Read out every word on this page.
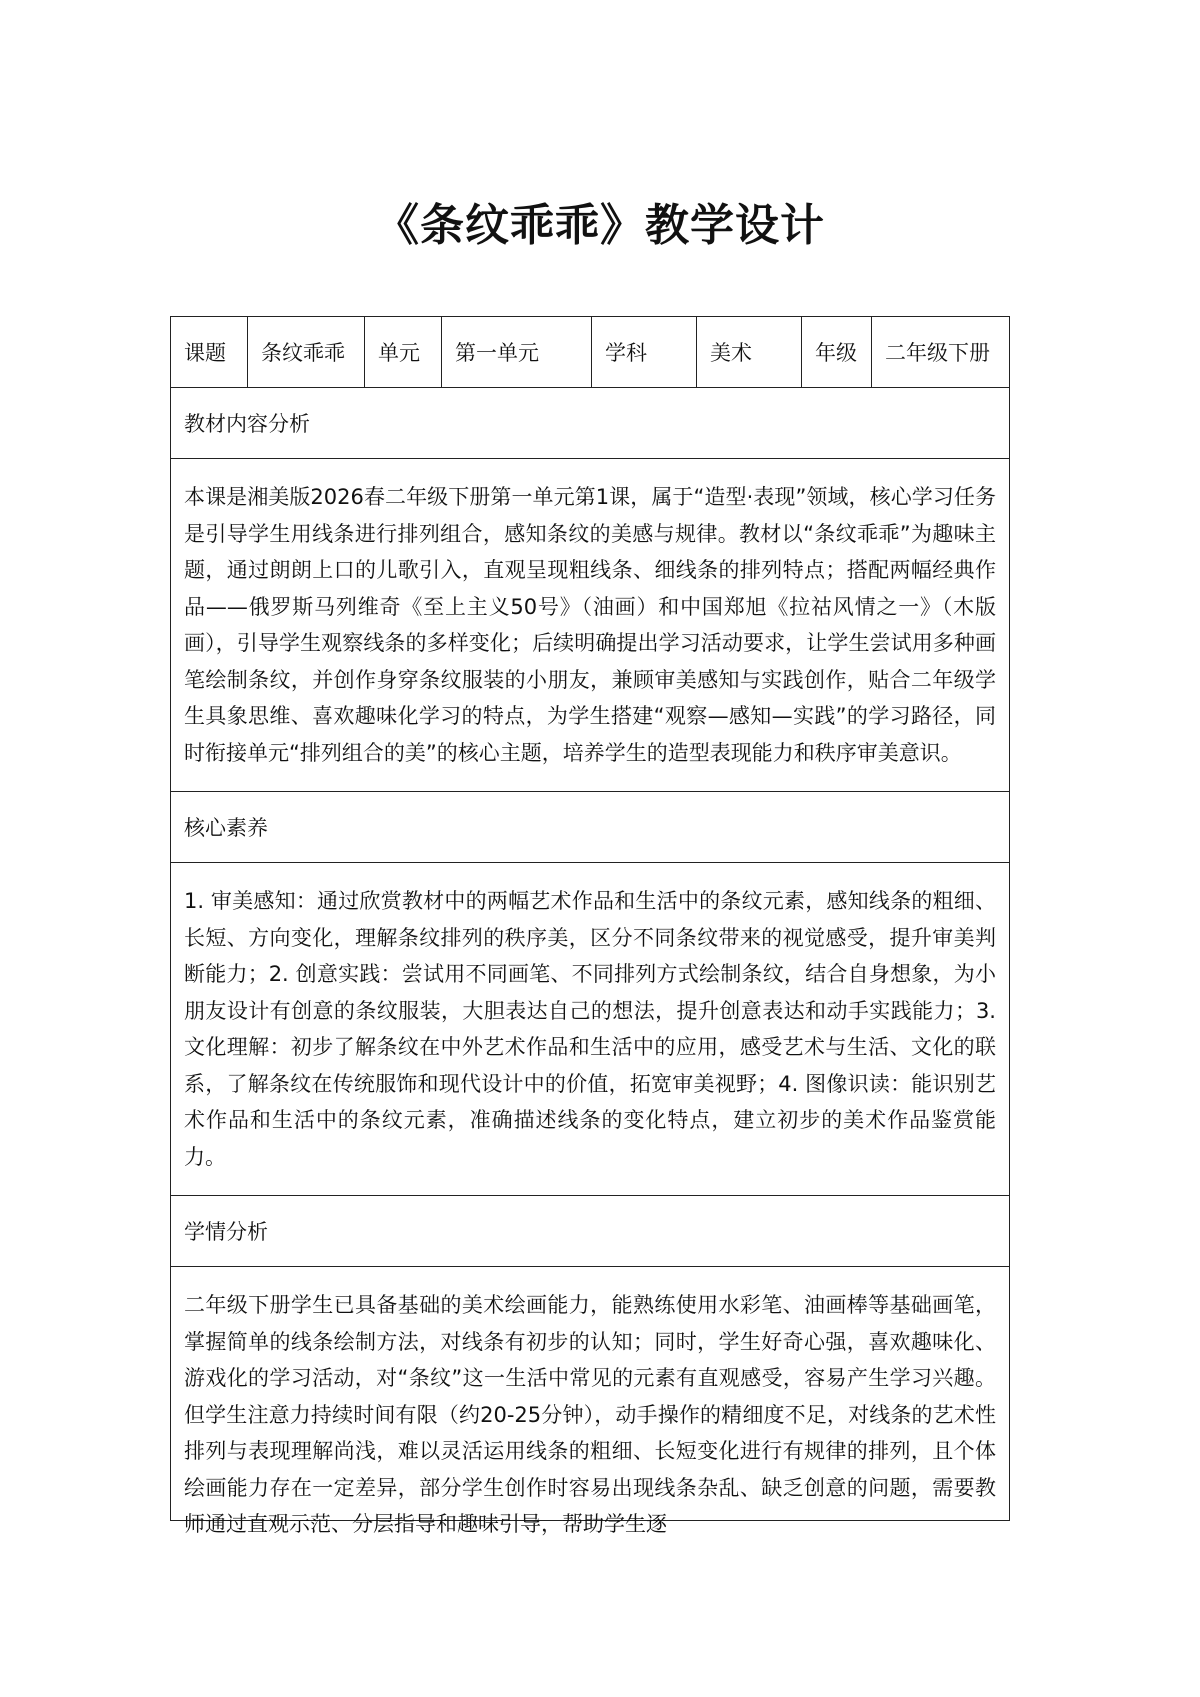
《条纹乖乖》教学设计
课题	条纹乖乖	单元	第一单元	学科	美术	年级	二年级下册
教材内容分析

本课是湘美版2026春二年级下册第一单元第1课，属于“造型·表现”领域，核心学习任务是引导学生用线条进行排列组合，感知条纹的美感与规律。教材以“条纹乖乖”为趣味主题，通过朗朗上口的儿歌引入，直观呈现粗线条、细线条的排列特点；搭配两幅经典作品——俄罗斯马列维奇《至上主义50号》（油画）和中国郑旭《拉祜风情之一》（木版画），引导学生观察线条的多样变化；后续明确提出学习活动要求，让学生尝试用多种画笔绘制条纹，并创作身穿条纹服装的小朋友，兼顾审美感知与实践创作，贴合二年级学生具象思维、喜欢趣味化学习的特点，为学生搭建“观察—感知—实践”的学习路径，同时衔接单元“排列组合的美”的核心主题，培养学生的造型表现能力和秩序审美意识。

核心素养

1. 审美感知：通过欣赏教材中的两幅艺术作品和生活中的条纹元素，感知线条的粗细、长短、方向变化，理解条纹排列的秩序美，区分不同条纹带来的视觉感受，提升审美判断能力；2. 创意实践：尝试用不同画笔、不同排列方式绘制条纹，结合自身想象，为小朋友设计有创意的条纹服装，大胆表达自己的想法，提升创意表达和动手实践能力；3. 文化理解：初步了解条纹在中外艺术作品和生活中的应用，感受艺术与生活、文化的联系，了解条纹在传统服饰和现代设计中的价值，拓宽审美视野；4. 图像识读：能识别艺术作品和生活中的条纹元素，准确描述线条的变化特点，建立初步的美术作品鉴赏能力。

学情分析

二年级下册学生已具备基础的美术绘画能力，能熟练使用水彩笔、油画棒等基础画笔，掌握简单的线条绘制方法，对线条有初步的认知；同时，学生好奇心强，喜欢趣味化、游戏化的学习活动，对“条纹”这一生活中常见的元素有直观感受，容易产生学习兴趣。但学生注意力持续时间有限（约20-25分钟），动手操作的精细度不足，对线条的艺术性排列与表现理解尚浅，难以灵活运用线条的粗细、长短变化进行有规律的排列，且个体绘画能力存在一定差异，部分学生创作时容易出现线条杂乱、缺乏创意的问题，需要教师通过直观示范、分层指导和趣味引导，帮助学生逐
